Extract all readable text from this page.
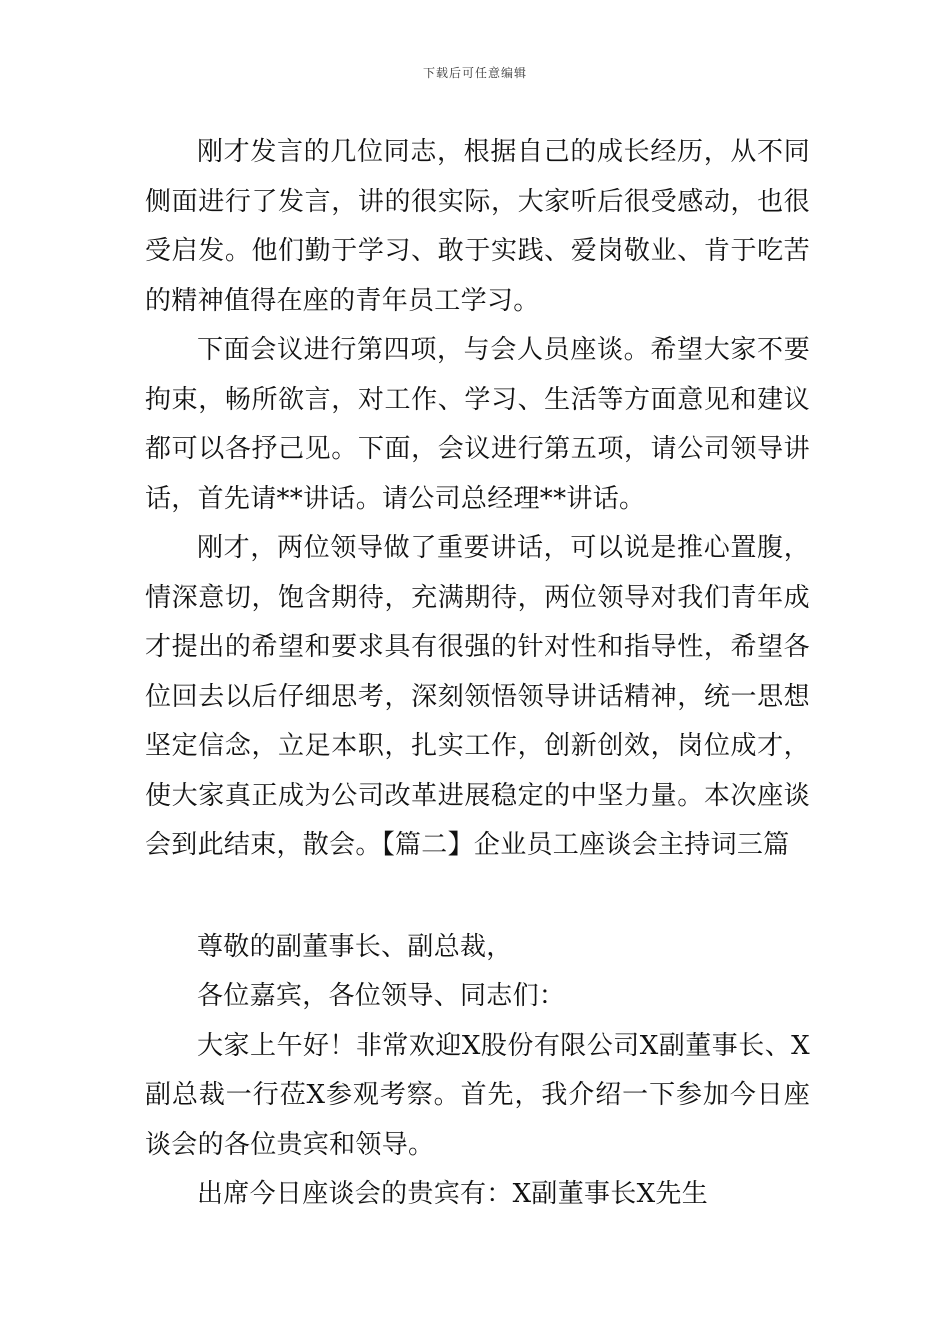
下载后可任意编辑

刚才发言的几位同志，根据自己的成长经历，从不同侧面进行了发言，讲的很实际，大家听后很受感动，也很受启发。他们勤于学习、敢于实践、爱岗敬业、肯于吃苦的精神值得在座的青年员工学习。

下面会议进行第四项，与会人员座谈。希望大家不要拘束，畅所欲言，对工作、学习、生活等方面意见和建议都可以各抒己见。下面，会议进行第五项，请公司领导讲话，首先请**讲话。请公司总经理**讲话。

刚才，两位领导做了重要讲话，可以说是推心置腹，情深意切，饱含期待，充满期待，两位领导对我们青年成才提出的希望和要求具有很强的针对性和指导性，希望各位回去以后仔细思考，深刻领悟领导讲话精神，统一思想坚定信念，立足本职，扎实工作，创新创效，岗位成才，使大家真正成为公司改革进展稳定的中坚力量。本次座谈会到此结束，散会。【篇二】企业员工座谈会主持词三篇

尊敬的副董事长、副总裁，

各位嘉宾，各位领导、同志们：

大家上午好！非常欢迎X股份有限公司X副董事长、X副总裁一行莅X参观考察。首先，我介绍一下参加今日座谈会的各位贵宾和领导。

出席今日座谈会的贵宾有：X副董事长X先生
